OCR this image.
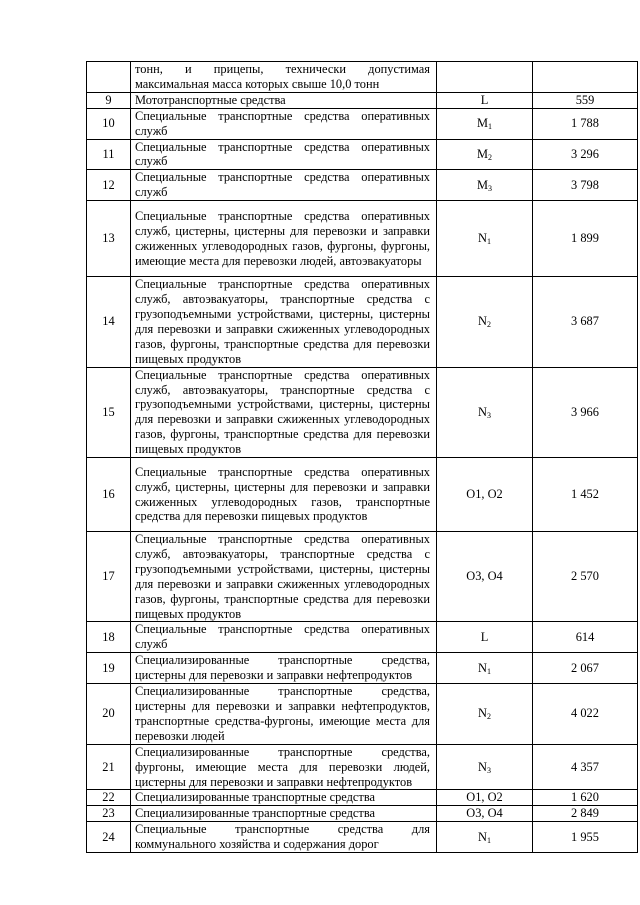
	тонн, и прицепы, технически допустимая максимальная масса которых свыше 10,0 тонн		
9	Мототранспортные средства	L	559
10	Специальные транспортные средства оперативных служб	$M_1$	1 788
11	Специальные транспортные средства оперативных служб	$M_2$	3 296
12	Специальные транспортные средства оперативных служб	$M_3$	3 798
13	Специальные транспортные средства оперативных служб, цистерны, цистерны для перевозки и заправки сжиженных углеводородных газов, фургоны, фургоны, имеющие места для перевозки людей, автоэвакуаторы	$N_1$	1 899
14	Специальные транспортные средства оперативных служб, автоэвакуаторы, транспортные средства с грузоподъемными устройствами, цистерны, цистерны для перевозки и заправки сжиженных углеводородных газов, фургоны, транспортные средства для перевозки пищевых продуктов	$N_2$	3 687
15	Специальные транспортные средства оперативных служб, автоэвакуаторы, транспортные средства с грузоподъемными устройствами, цистерны, цистерны для перевозки и заправки сжиженных углеводородных газов, фургоны, транспортные средства для перевозки пищевых продуктов	$N_3$	3 966
16	Специальные транспортные средства оперативных служб, цистерны, цистерны для перевозки и заправки сжиженных углеводородных газов, транспортные средства для перевозки пищевых продуктов	O1, O2	1 452
17	Специальные транспортные средства оперативных служб, автоэвакуаторы, транспортные средства с грузоподъемными устройствами, цистерны, цистерны для перевозки и заправки сжиженных углеводородных газов, фургоны, транспортные средства для перевозки пищевых продуктов	O3, O4	2 570
18	Специальные транспортные средства оперативных служб	L	614
19	Специализированные транспортные средства, цистерны для перевозки и заправки нефтепродуктов	$N_1$	2 067
20	Специализированные транспортные средства, цистерны для перевозки и заправки нефтепродуктов, транспортные средства-фургоны, имеющие места для перевозки людей	$N_2$	4 022
21	Специализированные транспортные средства, фургоны, имеющие места для перевозки людей, цистерны для перевозки и заправки нефтепродуктов	$N_3$	4 357
22	Специализированные транспортные средства	O1, O2	1 620
23	Специализированные транспортные средства	O3, O4	2 849
24	Специальные транспортные средства для коммунального хозяйства и содержания дорог	$N_1$	1 955
